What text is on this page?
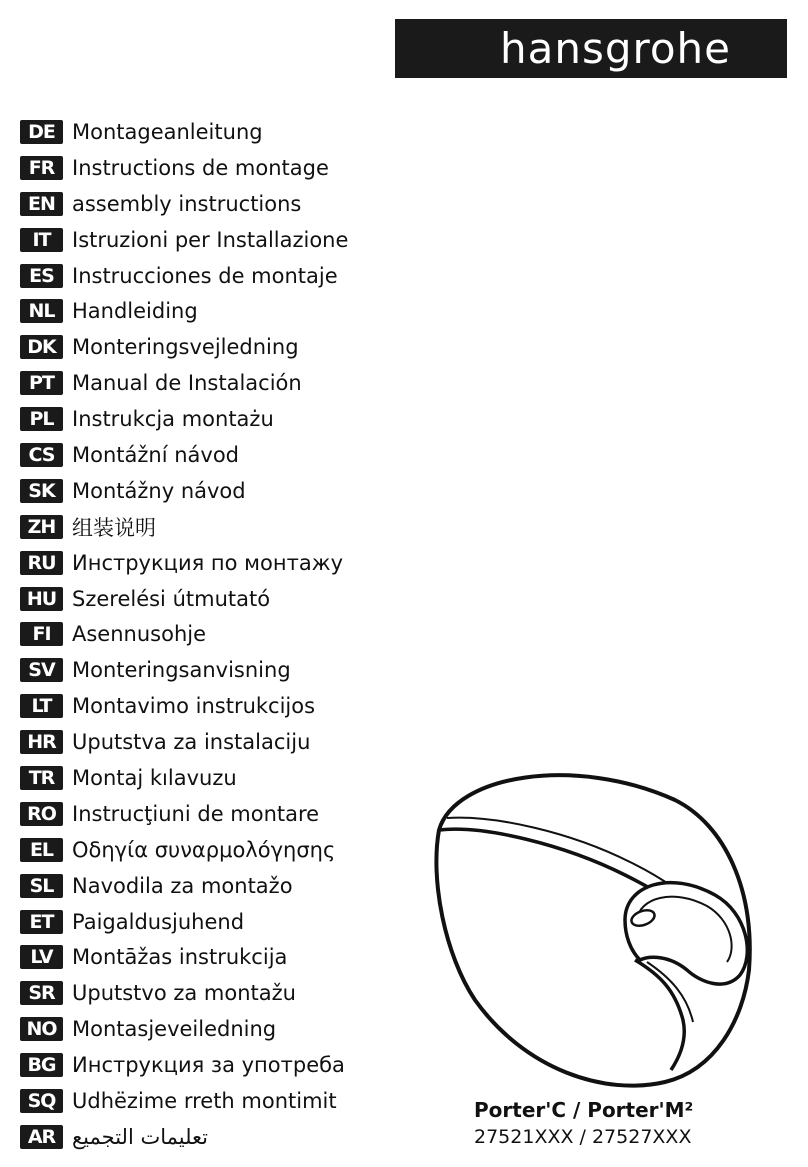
hansgrohe
DE Montageanleitung
FR Instructions de montage
EN assembly instructions
IT	Istruzioni per Installazione
ES Instrucciones de montaje
NL Handleiding
DK Monteringsvejledning
PT Manual de Instalación
PL Instrukcja montażu
CS Montážní návod
SK Montážny návod
ZH 组装说明
RU Инструкция по монтажу
HU Szerelési útmutató
FI	Asennusohje
SV Monteringsanvisning
LT Montavimo instrukcijos
HR Uputstva za instalaciju
TR Montaj kılavuzu
RO Instrucţiuni de montare
EL Οδηγία συναρμολόγησης
SL Navodila za montažo
ET Paigaldusjuhend
LV Montāžas instrukcija
SR Uputstvo za montažu
NO Montasjeveiledning
BG Инструкция за употреба
SQ Udhëzime rreth montimit
AR تعليمات التجميع
Porter'C / Porter'M²
27521XXX / 27527XXX
